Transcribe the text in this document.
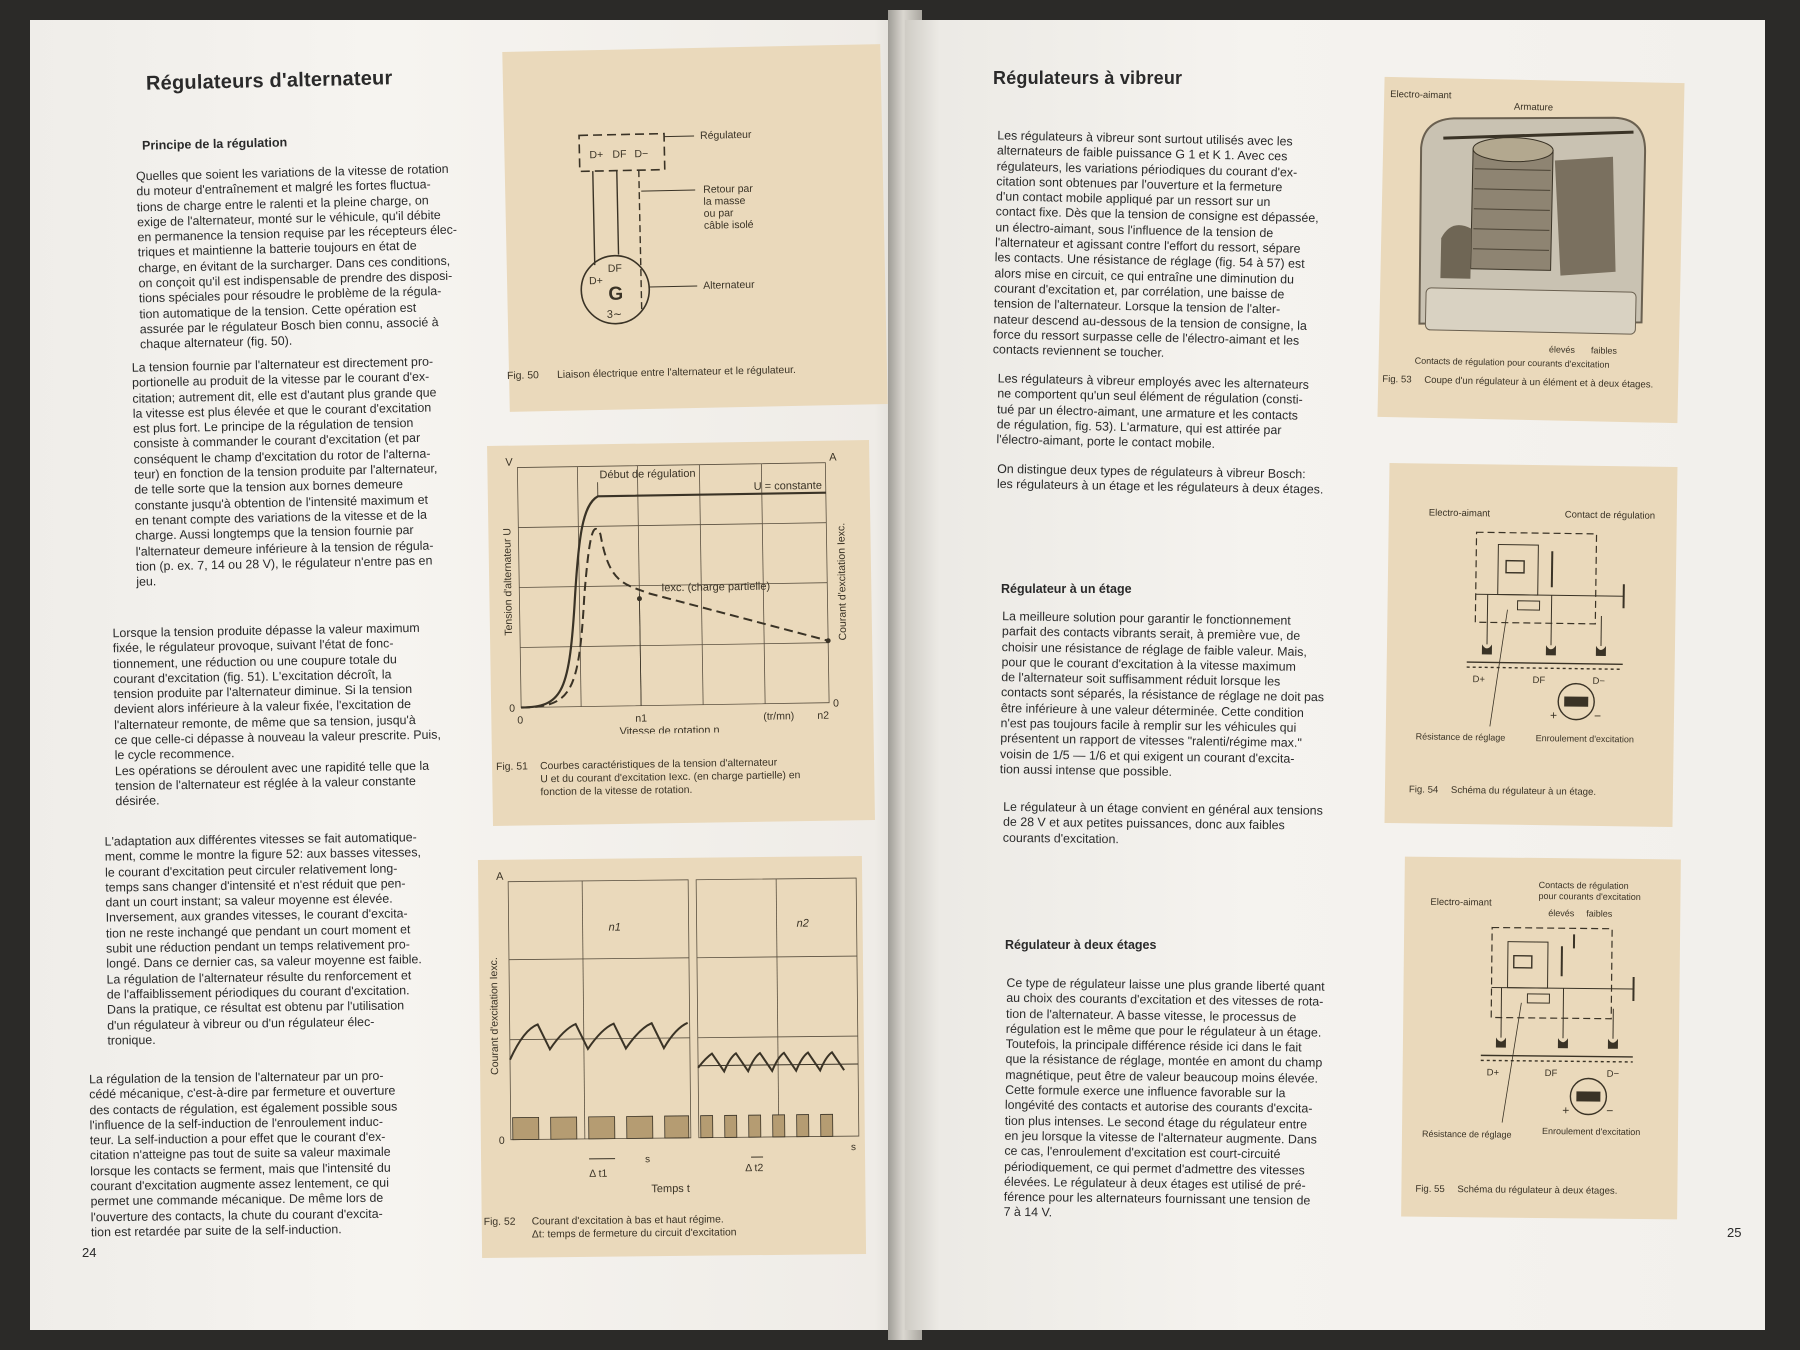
Régulateurs d'alternateur
Principe de la régulation

Quelles que soient les variations de la vitesse de rotation
du moteur d'entraînement et malgré les fortes fluctua-
tions de charge entre le ralenti et la pleine charge, on
exige de l'alternateur, monté sur le véhicule, qu'il débite
en permanence la tension requise par les récepteurs élec-
triques et maintienne la batterie toujours en état de
charge, en évitant de la surcharger. Dans ces conditions,
on conçoit qu'il est indispensable de prendre des disposi-
tions spéciales pour résoudre le problème de la régula-
tion automatique de la tension. Cette opération est
assurée par le régulateur Bosch bien connu, associé à
chaque alternateur (fig. 50).

La tension fournie par l'alternateur est directement pro-
portionelle au produit de la vitesse par le courant d'ex-
citation; autrement dit, elle est d'autant plus grande que
la vitesse est plus élevée et que le courant d'excitation
est plus fort. Le principe de la régulation de tension
consiste à commander le courant d'excitation (et par
conséquent le champ d'excitation du rotor de l'alterna-
teur) en fonction de la tension produite par l'alternateur,
de telle sorte que la tension aux bornes demeure
constante jusqu'à obtention de l'intensité maximum et
en tenant compte des variations de la vitesse et de la
charge. Aussi longtemps que la tension fournie par
l'alternateur demeure inférieure à la tension de régula-
tion (p. ex. 7, 14 ou 28 V), le régulateur n'entre pas en
jeu.

Lorsque la tension produite dépasse la valeur maximum
fixée, le régulateur provoque, suivant l'état de fonc-
tionnement, une réduction ou une coupure totale du
courant d'excitation (fig. 51). L'excitation décroît, la
tension produite par l'alternateur diminue. Si la tension
devient alors inférieure à la valeur fixée, l'excitation de
l'alternateur remonte, de même que sa tension, jusqu'à
ce que celle-ci dépasse à nouveau la valeur prescrite. Puis,
le cycle recommence.
Les opérations se déroulent avec une rapidité telle que la
tension de l'alternateur est réglée à la valeur constante
désirée.

L'adaptation aux différentes vitesses se fait automatique-
ment, comme le montre la figure 52: aux basses vitesses,
le courant d'excitation peut circuler relativement long-
temps sans changer d'intensité et n'est réduit que pen-
dant un court instant; sa valeur moyenne est élevée.
Inversement, aux grandes vitesses, le courant d'excita-
tion ne reste inchangé que pendant un court moment et
subit une réduction pendant un temps relativement pro-
longé. Dans ce dernier cas, sa valeur moyenne est faible.
La régulation de l'alternateur résulte du renforcement et
de l'affaiblissement périodiques du courant d'excitation.
Dans la pratique, ce résultat est obtenu par l'utilisation
d'un régulateur à vibreur ou d'un régulateur élec-
tronique.

La régulation de la tension de l'alternateur par un pro-
cédé mécanique, c'est-à-dire par fermeture et ouverture
des contacts de régulation, est également possible sous
l'influence de la self-induction de l'enroulement induc-
teur. La self-induction a pour effet que le courant d'ex-
citation n'atteigne pas tout de suite sa valeur maximale
lorsque les contacts se ferment, mais que l'intensité du
courant d'excitation augmente assez lentement, ce qui
permet une commande mécanique. De même lors de
l'ouverture des contacts, la chute du courant d'excita-
tion est retardée par suite de la self-induction.

24
D+ DF D−
D+
DF
G
3∼
Régulateur
Retour parla masseou parcâble isolé
Alternateur
Fig. 50 Liaison électrique entre l'alternateur et le régulateur.
V	A
Début de régulation
U = constante
Iexc. (charge partielle)
0	0
0	n1	(tr/mn) n2
Vitesse de rotation n
Tension d'alternateur U	Courant d'excitation Iexc.
Fig. 51 Courbes caractéristiques de la tension d'alternateur
U et du courant d'excitation Iexc. (en charge partielle) en
fonction de la vitesse de rotation.
A
0
n1	n2
Δ t1	Δ t2
s
s
Temps t
Courant d'excitation Iexc.
Fig. 52 Courant d'excitation à bas et haut régime.
Δt: temps de fermeture du circuit d'excitation
Régulateurs à vibreur

Les régulateurs à vibreur sont surtout utilisés avec les
alternateurs de faible puissance G 1 et K 1. Avec ces
régulateurs, les variations périodiques du courant d'ex-
citation sont obtenues par l'ouverture et la fermeture
d'un contact mobile appliqué par un ressort sur un
contact fixe. Dès que la tension de consigne est dépassée,
un électro-aimant, sous l'influence de la tension de
l'alternateur et agissant contre l'effort du ressort, sépare
les contacts. Une résistance de réglage (fig. 54 à 57) est
alors mise en circuit, ce qui entraîne une diminution du
courant d'excitation et, par corrélation, une baisse de
tension de l'alternateur. Lorsque la tension de l'alter-
nateur descend au-dessous de la tension de consigne, la
force du ressort surpasse celle de l'électro-aimant et les
contacts reviennent se toucher.

Les régulateurs à vibreur employés avec les alternateurs
ne comportent qu'un seul élément de régulation (consti-
tué par un électro-aimant, une armature et les contacts
de régulation, fig. 53). L'armature, qui est attirée par
l'électro-aimant, porte le contact mobile.

On distingue deux types de régulateurs à vibreur Bosch:
les régulateurs à un étage et les régulateurs à deux étages.

Régulateur à un étage

La meilleure solution pour garantir le fonctionnement
parfait des contacts vibrants serait, à première vue, de
choisir une résistance de réglage de faible valeur. Mais,
pour que le courant d'excitation à la vitesse maximum
de l'alternateur soit suffisamment réduit lorsque les
contacts sont séparés, la résistance de réglage ne doit pas
être inférieure à une valeur déterminée. Cette condition
n'est pas toujours facile à remplir sur les véhicules qui
présentent un rapport de vitesses "ralenti/régime max."
voisin de 1/5 — 1/6 et qui exigent un courant d'excita-
tion aussi intense que possible.

Le régulateur à un étage convient en général aux tensions
de 28 V et aux petites puissances, donc aux faibles
courants d'excitation.

Régulateur à deux étages

Ce type de régulateur laisse une plus grande liberté quant
au choix des courants d'excitation et des vitesses de rota-
tion de l'alternateur. A basse vitesse, le processus de
régulation est le même que pour le régulateur à un étage.
Toutefois, la principale différence réside ici dans le fait
que la résistance de réglage, montée en amont du champ
magnétique, peut être de valeur beaucoup moins élevée.
Cette formule exerce une influence favorable sur la
longévité des contacts et autorise des courants d'excita-
tion plus intenses. Le second étage du régulateur entre
en jeu lorsque la vitesse de l'alternateur augmente. Dans
ce cas, l'enroulement d'excitation est court-circuité
périodiquement, ce qui permet d'admettre des vitesses
élevées. Le régulateur à deux étages est utilisé de pré-
férence pour les alternateurs fournissant une tension de
7 à 14 V.

25
Electro-aimant
Armature
élevés faibles
Contacts de régulation pour courants d'excitation
Fig. 53 Coupe d'un régulateur à un élément et à deux étages.
Electro-aimant	Contact de régulation
D+	DF	D−
+	−
Résistance de réglage	Enroulement d'excitation
Fig. 54 Schéma du régulateur à un étage.
Electro-aimant
Contacts de régulationpour courants d'excitation
élevés faibles
D+	DF	D−
+	−
Résistance de réglage	Enroulement d'excitation
Fig. 55 Schéma du régulateur à deux étages.
